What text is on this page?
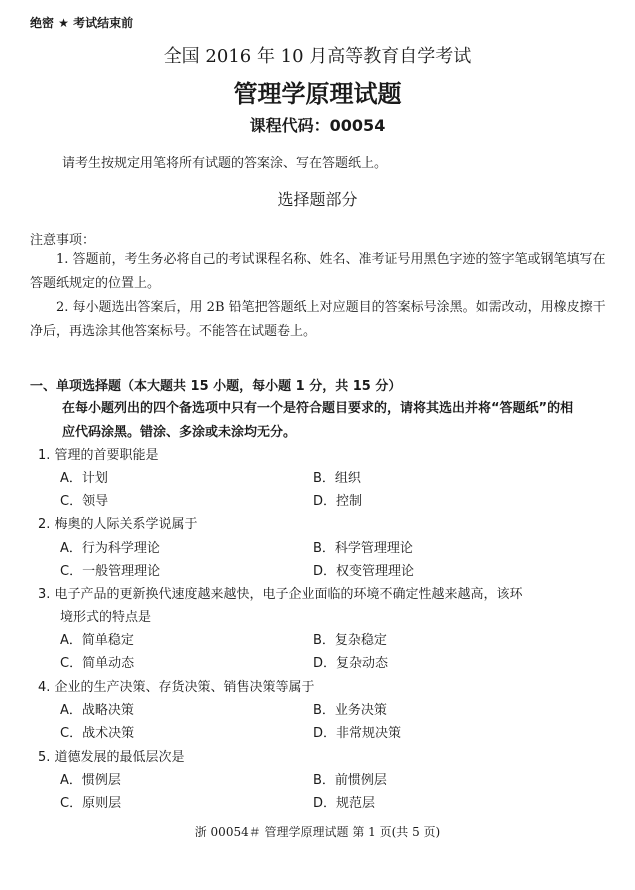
绝密 ★ 考试结束前
全国 2016 年 10 月高等教育自学考试
管理学原理试题
课程代码：00054
请考生按规定用笔将所有试题的答案涂、写在答题纸上。
选择题部分
注意事项：
1. 答题前，考生务必将自己的考试课程名称、姓名、准考证号用黑色字迹的签字笔或钢笔填写在答题纸规定的位置上。
2. 每小题选出答案后，用 2B 铅笔把答题纸上对应题目的答案标号涂黑。如需改动，用橡皮擦干净后，再选涂其他答案标号。不能答在试题卷上。
一、单项选择题（本大题共 15 小题，每小题 1 分，共 15 分）
在每小题列出的四个备选项中只有一个是符合题目要求的，请将其选出并将“答题纸”的相应代码涂黑。错涂、多涂或未涂均无分。
1. 管理的首要职能是
A．计划	B．组织
C．领导	D．控制
2. 梅奥的人际关系学说属于
A．行为科学理论	B．科学管理理论
C．一般管理理论	D．权变管理理论
3. 电子产品的更新换代速度越来越快，电子企业面临的环境不确定性越来越高，该环
境形式的特点是
A．简单稳定	B．复杂稳定
C．简单动态	D．复杂动态
4. 企业的生产决策、存货决策、销售决策等属于
A．战略决策	B．业务决策
C．战术决策	D．非常规决策
5. 道德发展的最低层次是
A．惯例层	B．前惯例层
C．原则层	D．规范层
浙 00054＃ 管理学原理试题 第 1 页(共 5 页)
